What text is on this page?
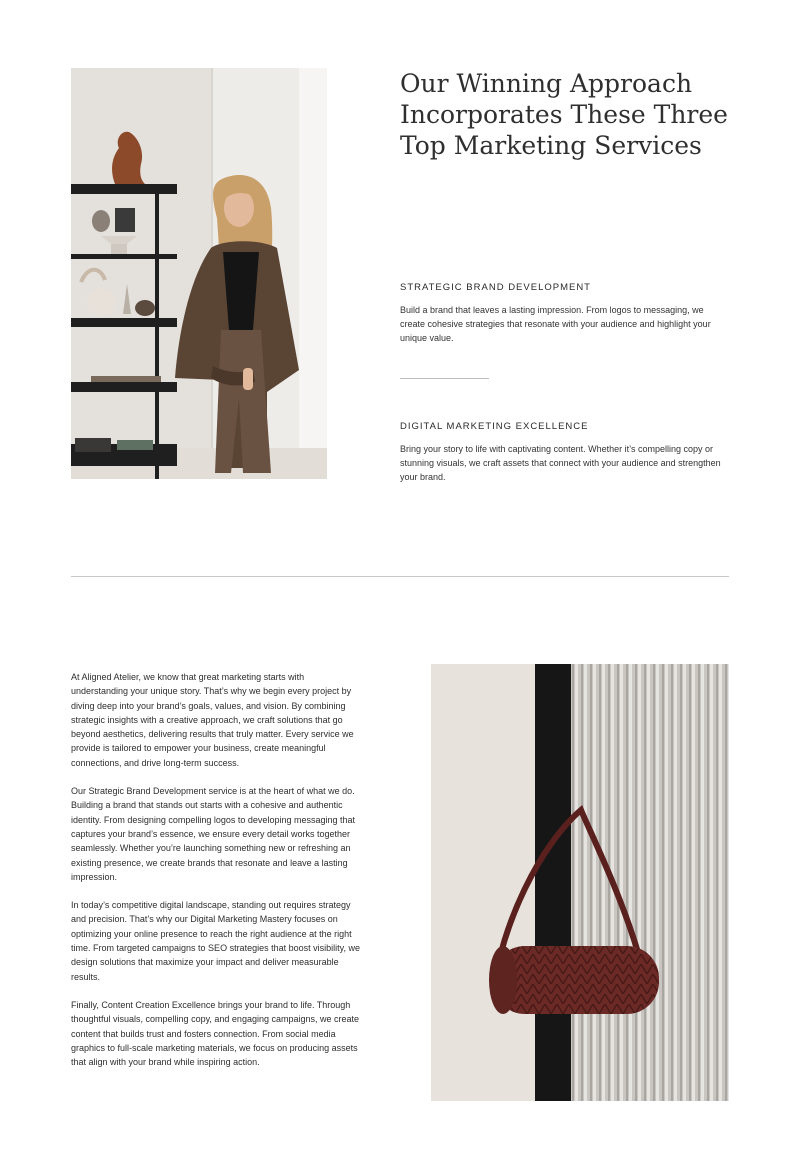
Our Winning Approach Incorporates These Three Top Marketing Services
STRATEGIC BRAND DEVELOPMENT

Build a brand that leaves a lasting impression. From logos to messaging, we create cohesive strategies that resonate with your audience and highlight your unique value.

DIGITAL MARKETING EXCELLENCE

Bring your story to life with captivating content. Whether it’s compelling copy or stunning visuals, we craft assets that connect with your audience and strengthen your brand.

At Aligned Atelier, we know that great marketing starts with understanding your unique story. That’s why we begin every project by diving deep into your brand’s goals, values, and vision. By combining strategic insights with a creative approach, we craft solutions that go beyond aesthetics, delivering results that truly matter. Every service we provide is tailored to empower your business, create meaningful connections, and drive long-term success.

Our Strategic Brand Development service is at the heart of what we do. Building a brand that stands out starts with a cohesive and authentic identity. From designing compelling logos to developing messaging that captures your brand’s essence, we ensure every detail works together seamlessly. Whether you’re launching something new or refreshing an existing presence, we create brands that resonate and leave a lasting impression.

In today’s competitive digital landscape, standing out requires strategy and precision. That’s why our Digital Marketing Mastery focuses on optimizing your online presence to reach the right audience at the right time. From targeted campaigns to SEO strategies that boost visibility, we design solutions that maximize your impact and deliver measurable results.

Finally, Content Creation Excellence brings your brand to life. Through thoughtful visuals, compelling copy, and engaging campaigns, we create content that builds trust and fosters connection. From social media graphics to full-scale marketing materials, we focus on producing assets that align with your brand while inspiring action.
